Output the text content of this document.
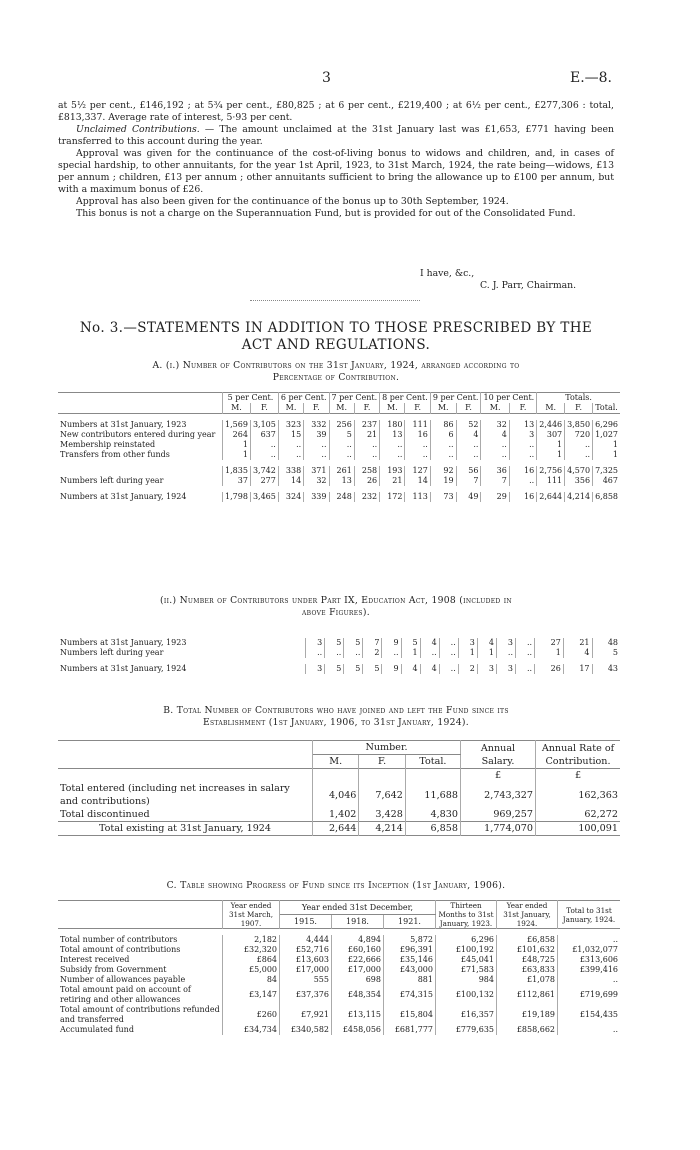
3	E.—8.

at 5½ per cent., £146,192 ; at 5¾ per cent., £80,825 ; at 6 per cent., £219,400 ; at 6½ per cent., £277,306 : total, £813,337. Average rate of interest, 5·93 per cent.

Unclaimed Contributions. — The amount unclaimed at the 31st January last was £1,653, £771 having been transferred to this account during the year.

Approval was given for the continuance of the cost-of-living bonus to widows and children, and, in cases of special hardship, to other annuitants, for the year 1st April, 1923, to 31st March, 1924, the rate being—widows, £13 per annum ; children, £13 per annum ; other annuitants sufficient to bring the allowance up to £100 per annum, but with a maximum bonus of £26.

Approval has also been given for the continuance of the bonus up to 30th September, 1924.

This bonus is not a charge on the Superannuation Fund, but is provided for out of the Consolidated Fund.

I have, &c.,
C. J. Parr, Chairman.
No. 3.—STATEMENTS IN ADDITION TO THOSE PRESCRIBED BY THE
ACT AND REGULATIONS.
A. (i.) Number of Contributors on the 31st January, 1924, arranged according to
Percentage of Contribution.
	5 per Cent.		6 per Cent.		7 per Cent.		8 per Cent.		9 per Cent.		10 per Cent.		Totals.		
	M.	F.	M.	F.	M.	F.	M.	F.	M.	F.	M.	F.	M.	F.	Total.

Numbers at 31st January, 1923	1,569	3,105	323	332	256	237	180	111	86	52	32	13	2,446	3,850	6,296
New contributors entered during year	264	637	15	39	5	21	13	16	6	4	4	3	307	720	1,027
Membership reinstated	1	..	..	..	..	..	..	..	..	..	..	..	1	..	1
Transfers from other funds	1	..	..	..	..	..	..	..	..	..	..	..	1	..	1

	1,835	3,742	338	371	261	258	193	127	92	56	36	16	2,756	4,570	7,325
Numbers left during year	37	277	14	32	13	26	21	14	19	7	7	..	111	356	467

Numbers at 31st January, 1924	1,798	3,465	324	339	248	232	172	113	73	49	29	16	2,644	4,214	6,858
(ii.) Number of Contributors under Part IX, Education Act, 1908 (included in
above Figures).

Numbers at 31st January, 1923	3	5	5	7	9	5	4	..	3	4	3	..	27	21	48
Numbers left during year	..	..	..	2	..	1	..	..	1	1	..	..	1	4	5

Numbers at 31st January, 1924	3	5	5	5	9	4	4	..	2	3	3	..	26	17	43
B. Total Number of Contributors who have joined and left the Fund since its
Establishment (1st January, 1906, to 31st January, 1924).
	Number.			Annual Salary.	Annual Rate of Contribution.
	M.	F.	Total.		
				£	£
Total entered (including net increases in salary and contributions)	4,046	7,642	11,688	2,743,327	162,363
Total discontinued	1,402	3,428	4,830	969,257	62,272
Total existing at 31st January, 1924	2,644	4,214	6,858	1,774,070	100,091
C. Table showing Progress of Fund since its Inception (1st January, 1906).
	Year ended 31st March, 1907.	Year ended 31st December,			Thirteen Months to 31st January, 1923.	Year ended 31st January, 1924.	Total to 31st January, 1924.
		1915.	1918.	1921.			

Total number of contributors	2,182	4,444	4,894	5,872	6,296	£6,858	..
Total amount of contributions	£32,320	£52,716	£60,160	£96,391	£100,192	£101,632	£1,032,077
Interest received	£864	£13,603	£22,666	£35,146	£45,041	£48,725	£313,606
Subsidy from Government	£5,000	£17,000	£17,000	£43,000	£71,583	£63,833	£399,416
Number of allowances payable	84	555	698	881	984	£1,078	..
Total amount paid on account of retiring and other allowances	£3,147	£37,376	£48,354	£74,315	£100,132	£112,861	£719,699
Total amount of contributions refunded and transferred	£260	£7,921	£13,115	£15,804	£16,357	£19,189	£154,435
Accumulated fund	£34,734	£340,582	£458,056	£681,777	£779,635	£858,662	..
